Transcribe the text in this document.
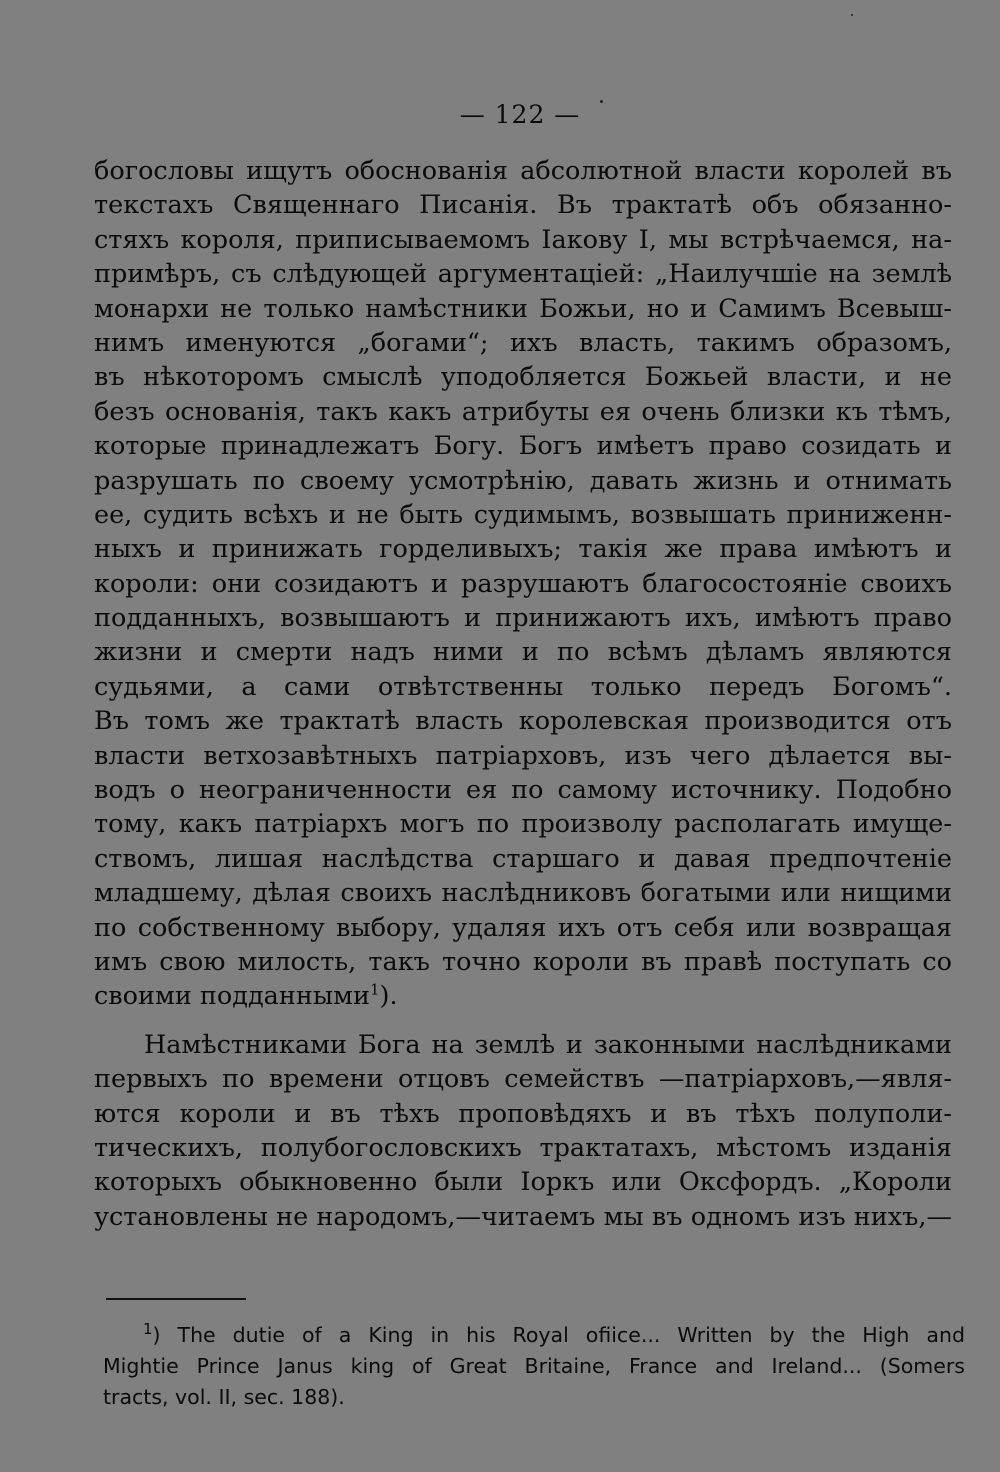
— 122 —
богословы ищутъ обоснованія абсолютной власти королей въ
текстахъ Священнаго Писанія. Въ трактатѣ объ обязанно-
стяхъ короля, приписываемомъ Іакову I, мы встрѣчаемся, на-
примѣръ, съ слѣдующей аргументаціей: „Наилучшіе на землѣ
монархи не только намѣстники Божьи, но и Самимъ Всевыш-
нимъ именуются „богами“; ихъ власть, такимъ образомъ,
въ нѣкоторомъ смыслѣ уподобляется Божьей власти, и не
безъ основанія, такъ какъ атрибуты ея очень близки къ тѣмъ,
которые принадлежатъ Богу. Богъ имѣетъ право созидать и
разрушать по своему усмотрѣнію, давать жизнь и отнимать
ее, судить всѣхъ и не быть судимымъ, возвышать приниженн-
ныхъ и принижать горделивыхъ; такія же права имѣютъ и
короли: они созидаютъ и разрушаютъ благосостояніе своихъ
подданныхъ, возвышаютъ и принижаютъ ихъ, имѣютъ право
жизни и смерти надъ ними и по всѣмъ дѣламъ являются
судьями, а сами отвѣтственны только передъ Богомъ“.
Въ томъ же трактатѣ власть королевская производится отъ
власти ветхозавѣтныхъ патріарховъ, изъ чего дѣлается вы-
водъ о неограниченности ея по самому источнику. Подобно
тому, какъ патріархъ могъ по произволу располагать имуще-
ствомъ, лишая наслѣдства старшаго и давая предпочтеніе
младшему, дѣлая своихъ наслѣдниковъ богатыми или нищими
по собственному выбору, удаляя ихъ отъ себя или возвращая
имъ свою милость, такъ точно короли въ правѣ поступать со
своими подданными$^1$).
Намѣстниками Бога на землѣ и законными наслѣдниками
первыхъ по времени отцовъ семействъ —патріарховъ,—явля-
ются короли и въ тѣхъ проповѣдяхъ и въ тѣхъ полуполи-
тическихъ, полубогословскихъ трактатахъ, мѣстомъ изданія
которыхъ обыкновенно были Іоркъ или Оксфордъ. „Короли
установлены не народомъ,—читаемъ мы въ одномъ изъ нихъ,—
$^1$) The dutie of a King in his Royal ofiice... Written by the High and
Mightie Prince Janus king of Great Britaine, France and Ireland... (Somers
tracts, vol. II, sec. 188).
